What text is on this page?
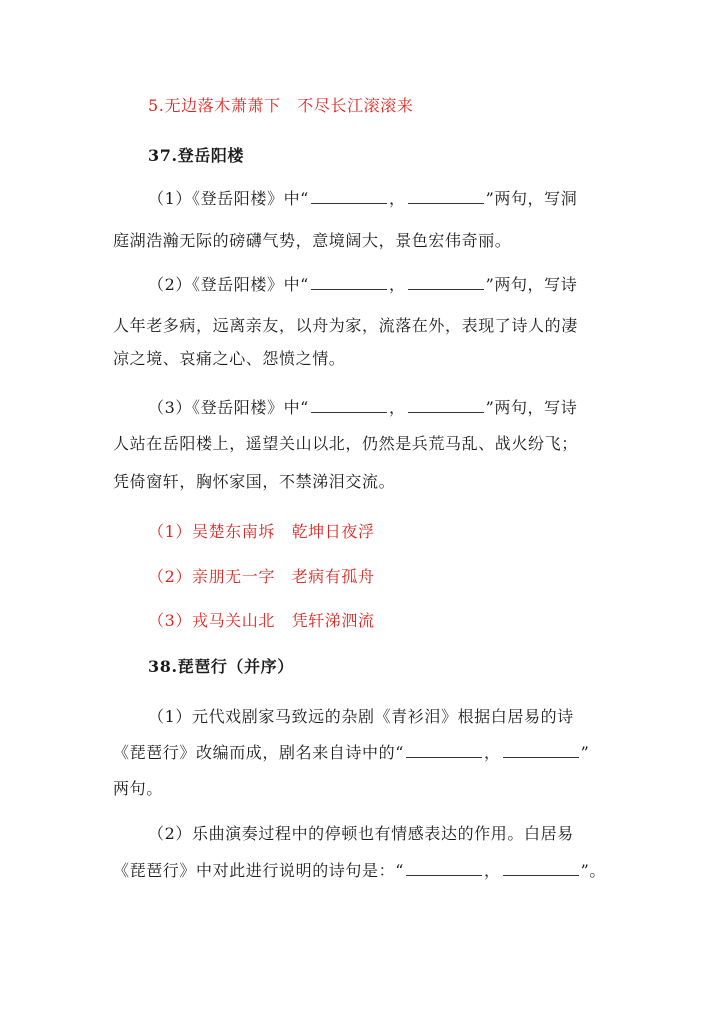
5.无边落木萧萧下　不尽长江滚滚来
37.登岳阳楼
（1）《登岳阳楼》中“	，	”两句，写洞
庭湖浩瀚无际的磅礴气势，意境阔大，景色宏伟奇丽。
（2）《登岳阳楼》中“	，	”两句，写诗
人年老多病，远离亲友，以舟为家，流落在外，表现了诗人的凄
凉之境、哀痛之心、怨愤之情。
（3）《登岳阳楼》中“	，	”两句，写诗
人站在岳阳楼上，遥望关山以北，仍然是兵荒马乱、战火纷飞；
凭倚窗轩，胸怀家国，不禁涕泪交流。
（1）吴楚东南坼　乾坤日夜浮
（2）亲朋无一字　老病有孤舟
（3）戎马关山北　凭轩涕泗流
38.琵琶行（并序）
（1）元代戏剧家马致远的杂剧《青衫泪》根据白居易的诗
《琵琶行》改编而成，剧名来自诗中的“	，	”
两句。
（2）乐曲演奏过程中的停顿也有情感表达的作用。白居易
《琵琶行》中对此进行说明的诗句是：“	，	”。
